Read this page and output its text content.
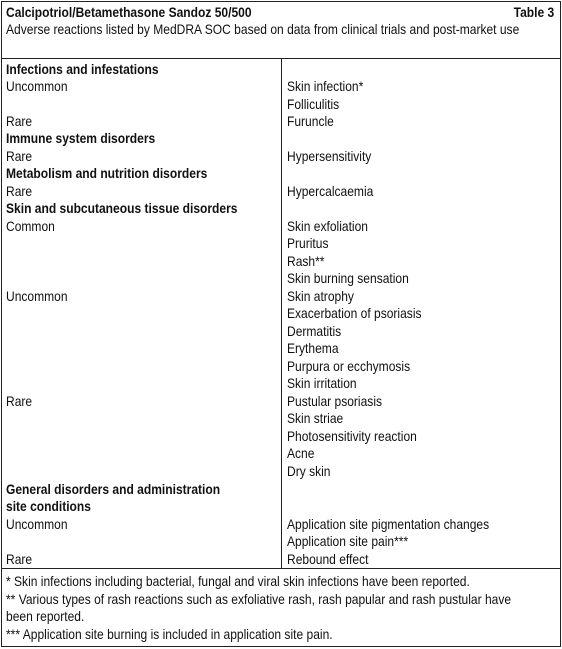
Calcipotriol/Betamethasone Sandoz 50/500	Table 3
Adverse reactions listed by MedDRA SOC based on data from clinical trials and post-market use
Infections and infestations
Uncommon	Skin infection*
Folliculitis
Rare	Furuncle
Immune system disorders
Rare	Hypersensitivity
Metabolism and nutrition disorders
Rare	Hypercalcaemia
Skin and subcutaneous tissue disorders
Common	Skin exfoliation
Pruritus
Rash**
Skin burning sensation
Uncommon	Skin atrophy
Exacerbation of psoriasis
Dermatitis
Erythema
Purpura or ecchymosis
Skin irritation
Rare	Pustular psoriasis
Skin striae
Photosensitivity reaction
Acne
Dry skin
General disorders and administration
site conditions
Uncommon	Application site pigmentation changes
Application site pain***
Rare	Rebound effect
* Skin infections including bacterial, fungal and viral skin infections have been reported.
** Various types of rash reactions such as exfoliative rash, rash papular and rash pustular have been reported.
*** Application site burning is included in application site pain.
